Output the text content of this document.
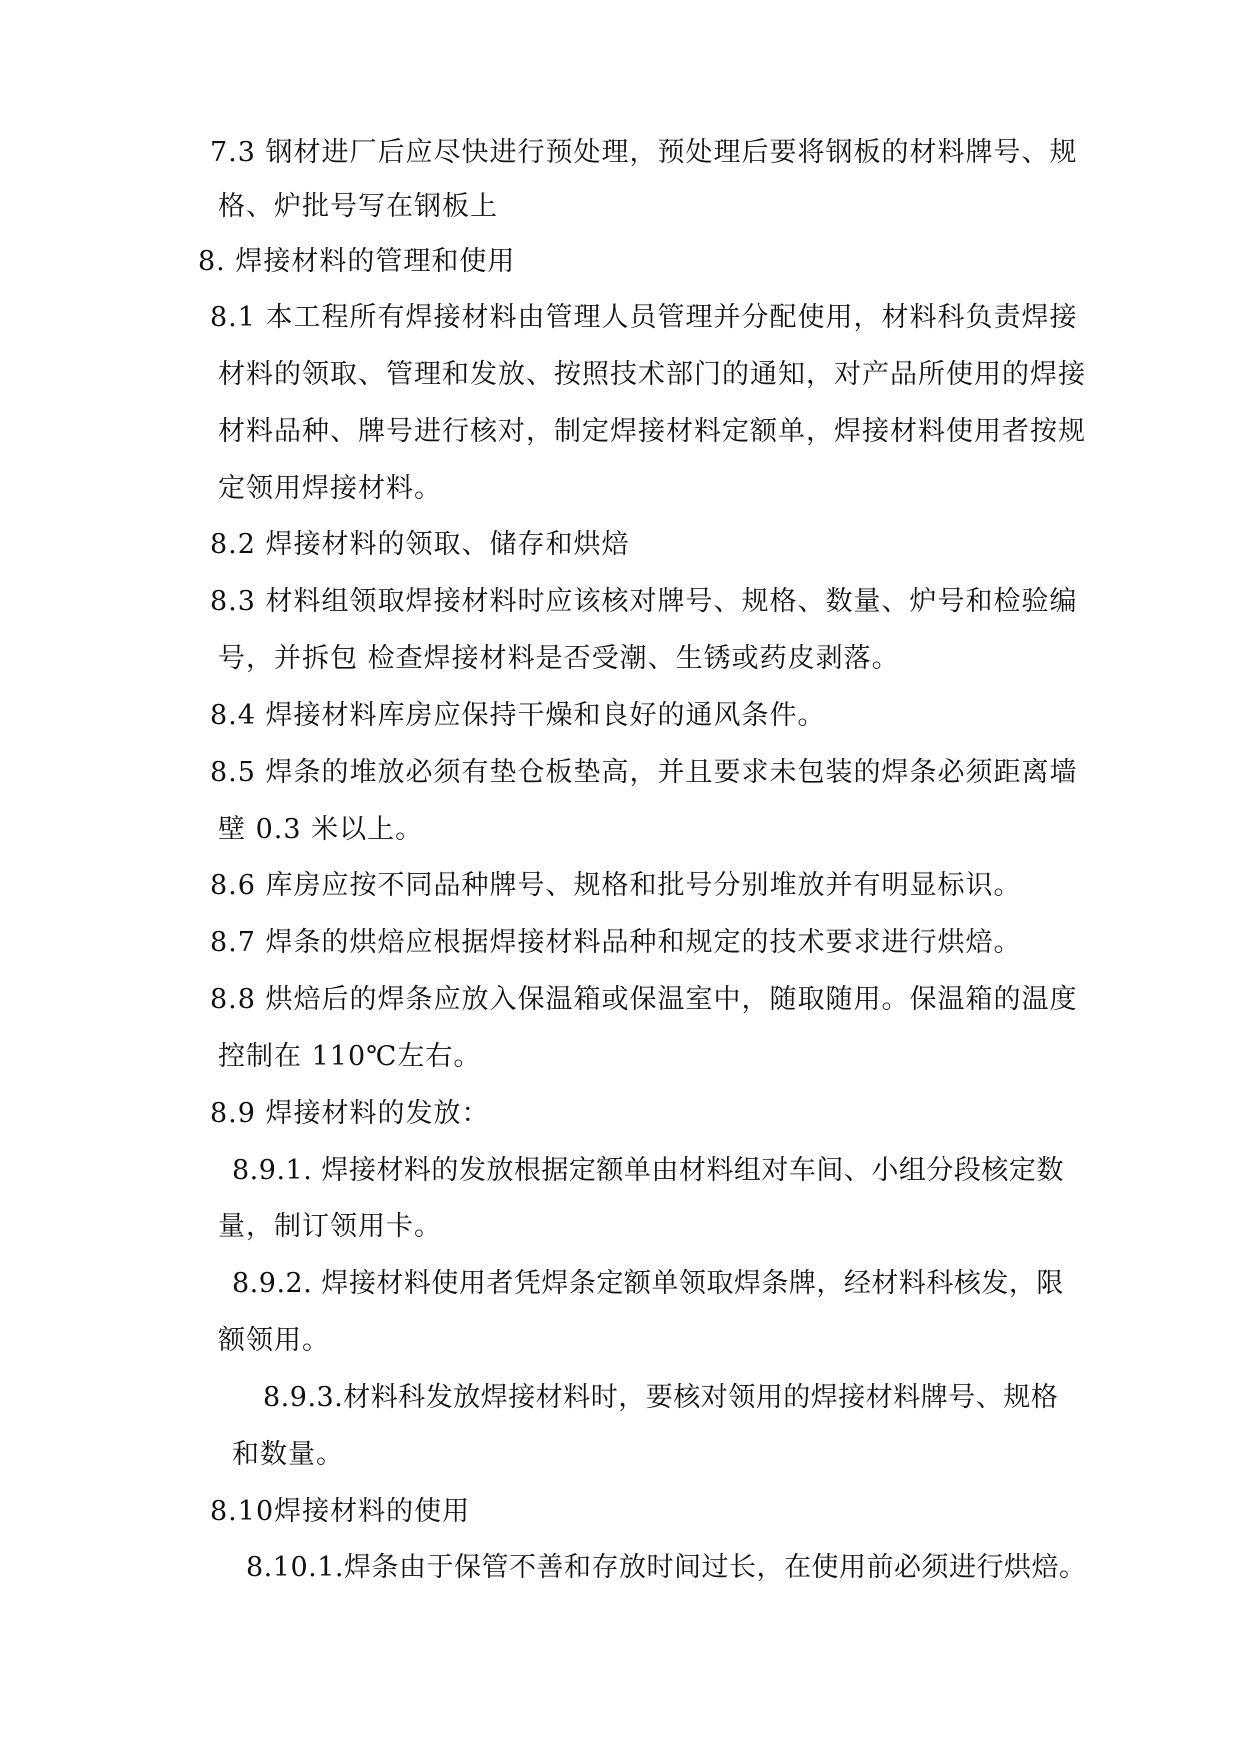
7.3 钢材进厂后应尽快进行预处理，预处理后要将钢板的材料牌号、规
格、炉批号写在钢板上
8. 焊接材料的管理和使用
8.1 本工程所有焊接材料由管理人员管理并分配使用，材料科负责焊接
材料的领取、管理和发放、按照技术部门的通知，对产品所使用的焊接
材料品种、牌号进行核对，制定焊接材料定额单，焊接材料使用者按规
定领用焊接材料。
8.2 焊接材料的领取、储存和烘焙
8.3 材料组领取焊接材料时应该核对牌号、规格、数量、炉号和检验编
号，并拆包 检查焊接材料是否受潮、生锈或药皮剥落。
8.4 焊接材料库房应保持干燥和良好的通风条件。
8.5 焊条的堆放必须有垫仓板垫高，并且要求未包装的焊条必须距离墙
壁 0.3 米以上。
8.6 库房应按不同品种牌号、规格和批号分别堆放并有明显标识。
8.7 焊条的烘焙应根据焊接材料品种和规定的技术要求进行烘焙。
8.8 烘焙后的焊条应放入保温箱或保温室中，随取随用。保温箱的温度
控制在 110℃左右。
8.9 焊接材料的发放：
8.9.1. 焊接材料的发放根据定额单由材料组对车间、小组分段核定数
量，制订领用卡。
8.9.2. 焊接材料使用者凭焊条定额单领取焊条牌，经材料科核发，限
额领用。
8.9.3.材料科发放焊接材料时，要核对领用的焊接材料牌号、规格
和数量。
8.10焊接材料的使用
8.10.1.焊条由于保管不善和存放时间过长，在使用前必须进行烘焙。
